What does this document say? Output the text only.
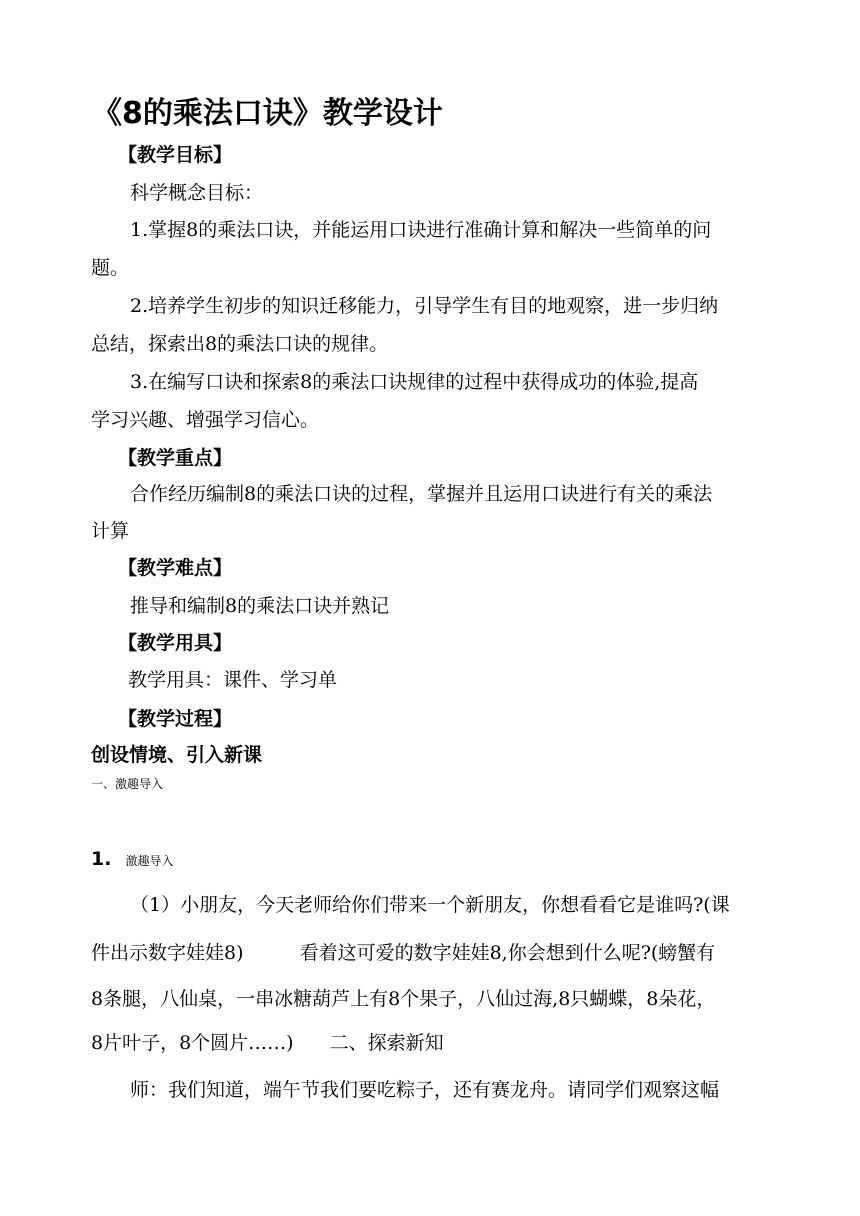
《8的乘法口诀》教学设计
【教学目标】
科学概念目标：
1.掌握8的乘法口诀，并能运用口诀进行准确计算和解决一些简单的问
题。
2.培养学生初步的知识迁移能力，引导学生有目的地观察，进一步归纳
总结，探索出8的乘法口诀的规律。
3.在编写口诀和探索8的乘法口诀规律的过程中获得成功的体验,提高
学习兴趣、增强学习信心。
【教学重点】
合作经历编制8的乘法口诀的过程，掌握并且运用口诀进行有关的乘法
计算
【教学难点】
推导和编制8的乘法口诀并熟记
【教学用具】
教学用具：课件、学习单
【教学过程】
创设情境、引入新课
一、激趣导入
1. 激趣导入
（1）小朋友，今天老师给你们带来一个新朋友，你想看看它是谁吗?(课
件出示数字娃娃8)	看着这可爱的数字娃娃8,你会想到什么呢?(螃蟹有
8条腿，八仙桌，一串冰糖葫芦上有8个果子，八仙过海,8只蝴蝶，8朵花，
8片叶子，8个圆片……) 二、探索新知
师：我们知道，端午节我们要吃粽子，还有赛龙舟。请同学们观察这幅
